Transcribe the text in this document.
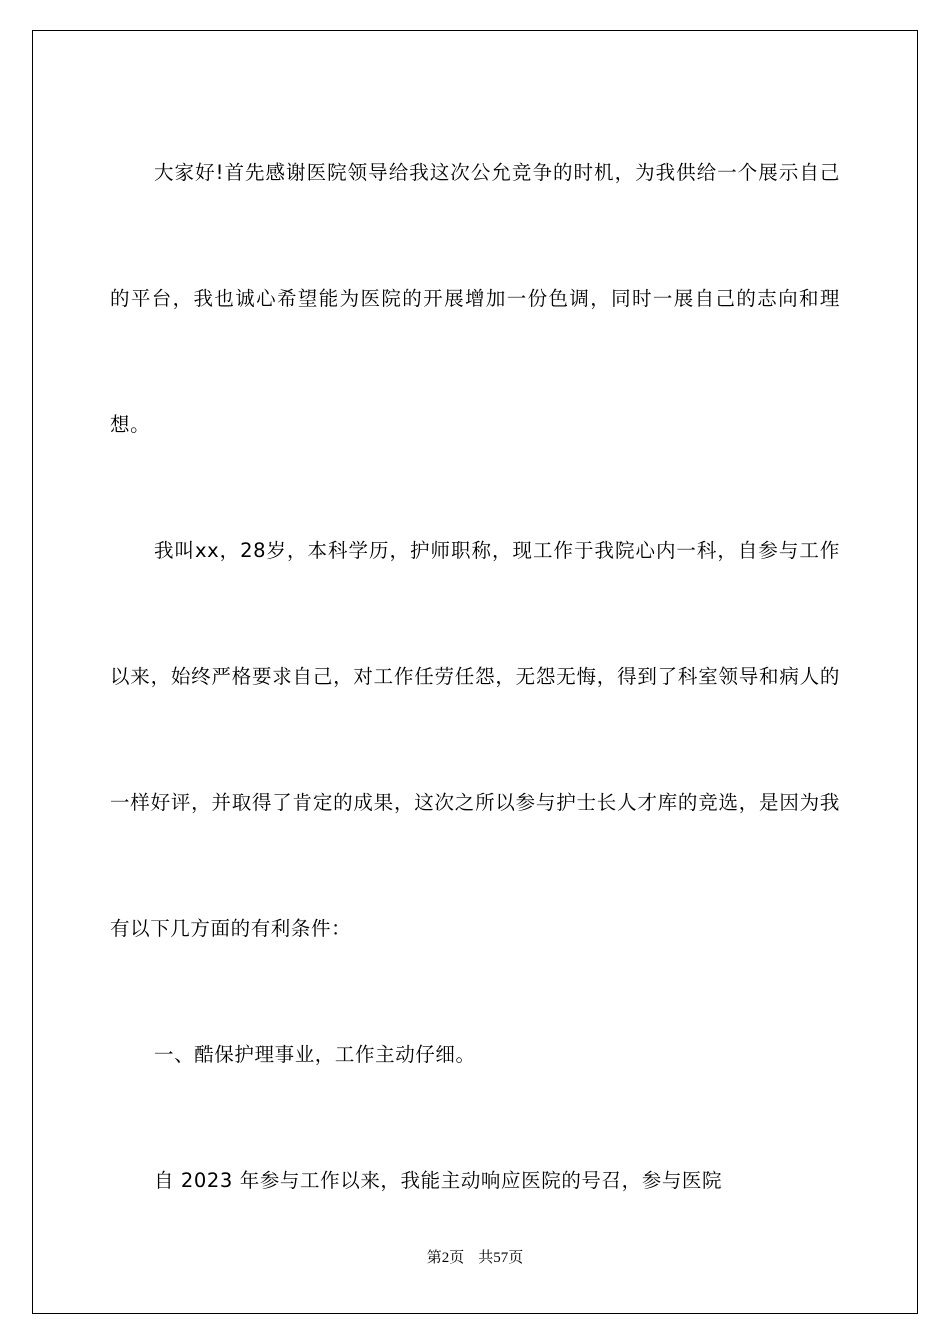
大家好!首先感谢医院领导给我这次公允竞争的时机，为我供给一个展示自己的平台，我也诚心希望能为医院的开展增加一份色调，同时一展自己的志向和理想。

我叫xx，28岁，本科学历，护师职称，现工作于我院心内一科，自参与工作以来，始终严格要求自己，对工作任劳任怨，无怨无悔，得到了科室领导和病人的一样好评，并取得了肯定的成果，这次之所以参与护士长人才库的竞选，是因为我有以下几方面的有利条件：

一、酷保护理事业，工作主动仔细。

自 2023 年参与工作以来，我能主动响应医院的号召，参与医院

第2页 共57页
